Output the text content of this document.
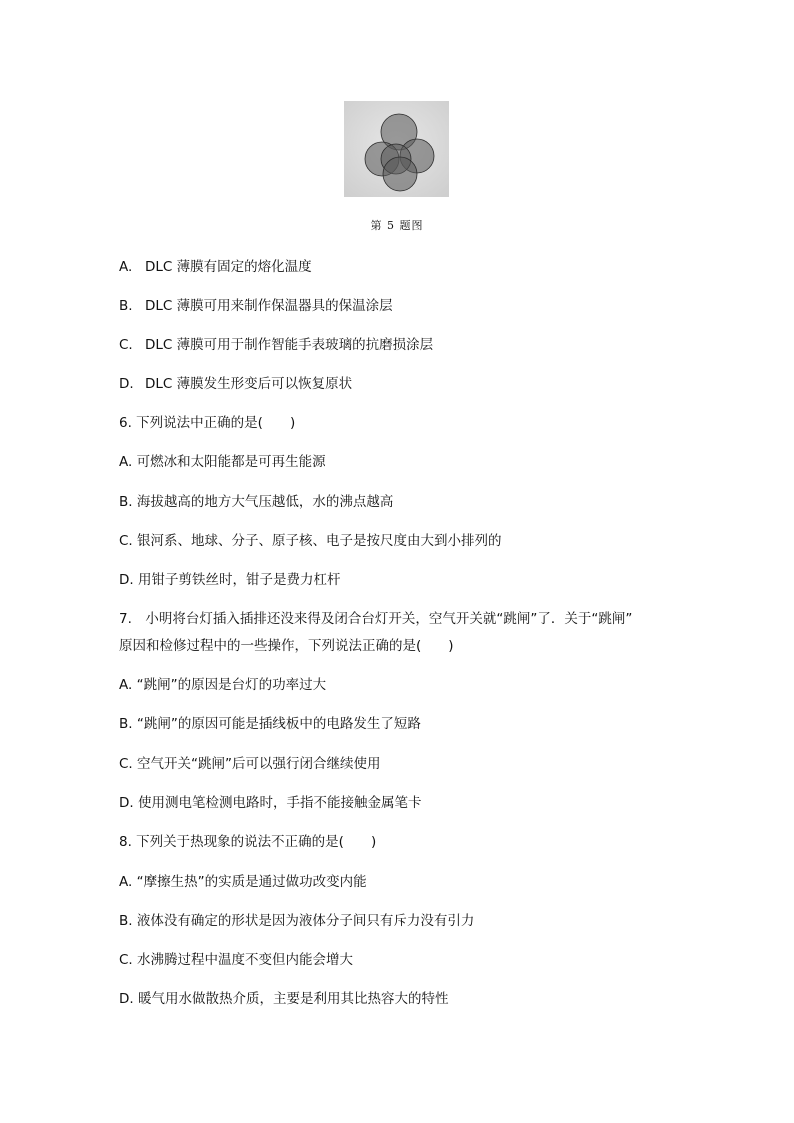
第 5 题图
A. DLC 薄膜有固定的熔化温度
B. DLC 薄膜可用来制作保温器具的保温涂层
C. DLC 薄膜可用于制作智能手表玻璃的抗磨损涂层
D. DLC 薄膜发生形变后可以恢复原状
6. 下列说法中正确的是(　　)
A. 可燃冰和太阳能都是可再生能源
B. 海拔越高的地方大气压越低，水的沸点越高
C. 银河系、地球、分子、原子核、电子是按尺度由大到小排列的
D. 用钳子剪铁丝时，钳子是费力杠杆
7.　小明将台灯插入插排还没来得及闭合台灯开关，空气开关就“跳闸”了．关于“跳闸”
原因和检修过程中的一些操作，下列说法正确的是(　　)
A. “跳闸”的原因是台灯的功率过大
B. “跳闸”的原因可能是插线板中的电路发生了短路
C. 空气开关“跳闸”后可以强行闭合继续使用
D. 使用测电笔检测电路时，手指不能接触金属笔卡
8. 下列关于热现象的说法不正确的是(　　)
A. “摩擦生热”的实质是通过做功改变内能
B. 液体没有确定的形状是因为液体分子间只有斥力没有引力
C. 水沸腾过程中温度不变但内能会增大
D. 暖气用水做散热介质，主要是利用其比热容大的特性
